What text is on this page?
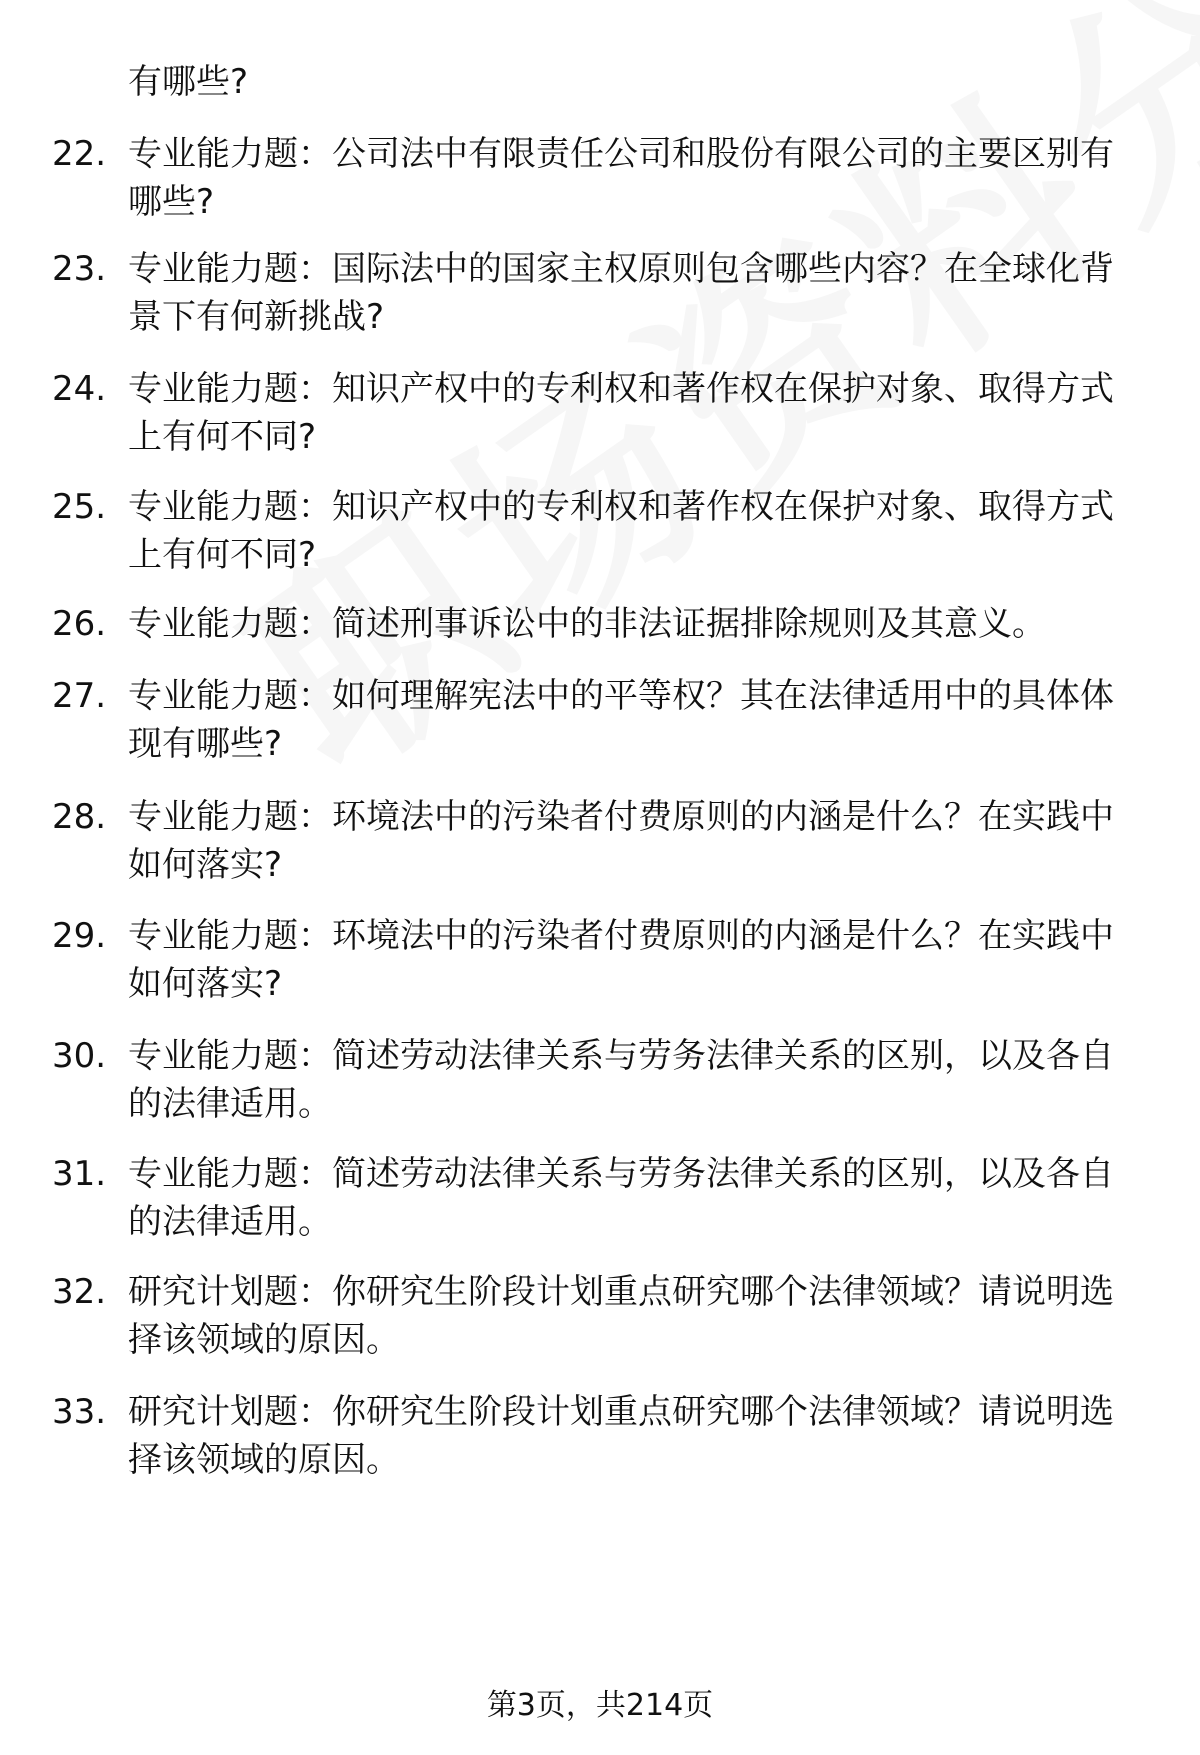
有哪些?
22. 专业能力题：公司法中有限责任公司和股份有限公司的主要区别有哪些?
23. 专业能力题：国际法中的国家主权原则包含哪些内容？在全球化背景下有何新挑战?
24. 专业能力题：知识产权中的专利权和著作权在保护对象、取得方式上有何不同?
25. 专业能力题：知识产权中的专利权和著作权在保护对象、取得方式上有何不同?
26. 专业能力题：简述刑事诉讼中的非法证据排除规则及其意义。
27. 专业能力题：如何理解宪法中的平等权？其在法律适用中的具体体现有哪些?
28. 专业能力题：环境法中的污染者付费原则的内涵是什么？在实践中如何落实?
29. 专业能力题：环境法中的污染者付费原则的内涵是什么？在实践中如何落实?
30. 专业能力题：简述劳动法律关系与劳务法律关系的区别，以及各自的法律适用。
31. 专业能力题：简述劳动法律关系与劳务法律关系的区别，以及各自的法律适用。
32. 研究计划题：你研究生阶段计划重点研究哪个法律领域？请说明选择该领域的原因。
33. 研究计划题：你研究生阶段计划重点研究哪个法律领域？请说明选择该领域的原因。
第3页，共214页
